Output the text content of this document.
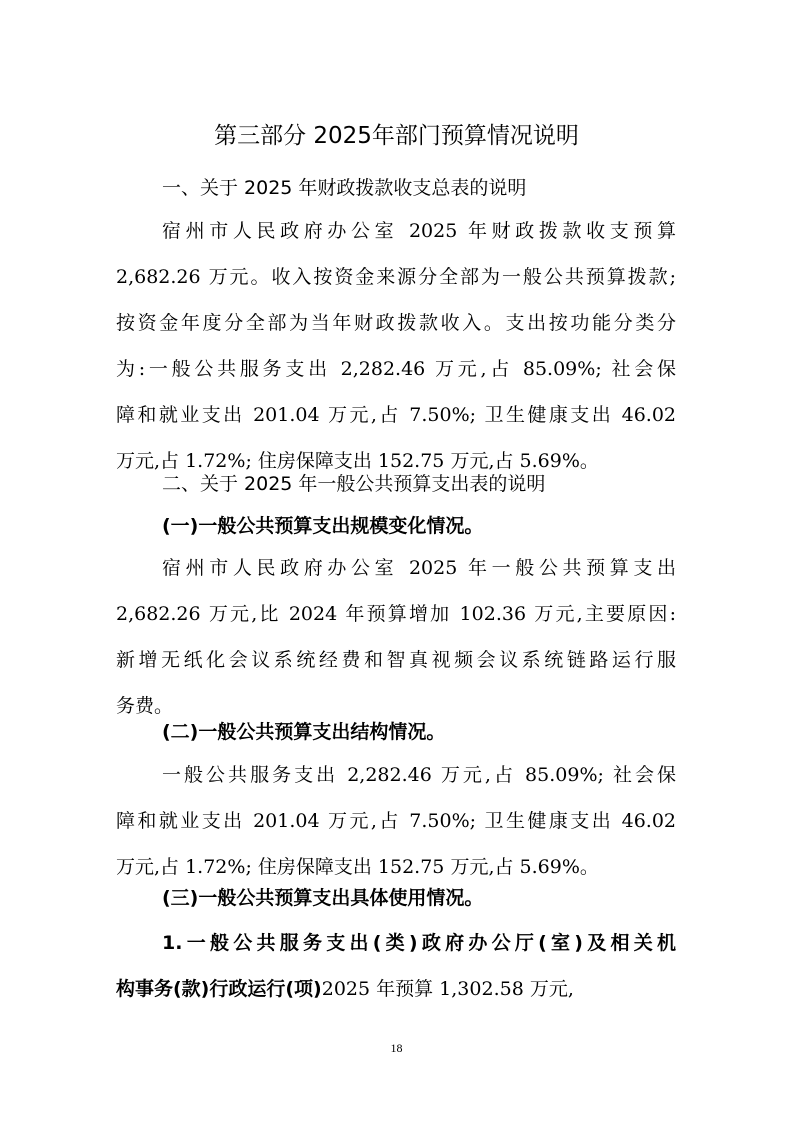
第三部分 2025年部门预算情况说明
一、关于 2025 年财政拨款收支总表的说明
宿州市人民政府办公室 2025 年财政拨款收支预算
2,682.26 万元。收入按资金来源分全部为一般公共预算拨款;
按资金年度分全部为当年财政拨款收入。支出按功能分类分
为:一般公共服务支出 2,282.46 万元,占 85.09%; 社会保
障和就业支出 201.04 万元,占 7.50%; 卫生健康支出 46.02
万元,占 1.72%; 住房保障支出 152.75 万元,占 5.69%。
二、关于 2025 年一般公共预算支出表的说明
(一)一般公共预算支出规模变化情况。
宿州市人民政府办公室 2025 年一般公共预算支出
2,682.26 万元,比 2024 年预算增加 102.36 万元,主要原因:
新增无纸化会议系统经费和智真视频会议系统链路运行服
务费。
(二)一般公共预算支出结构情况。
一般公共服务支出 2,282.46 万元,占 85.09%; 社会保
障和就业支出 201.04 万元,占 7.50%; 卫生健康支出 46.02
万元,占 1.72%; 住房保障支出 152.75 万元,占 5.69%。
(三)一般公共预算支出具体使用情况。
1.一般公共服务支出(类)政府办公厅(室)及相关机
构事务(款)行政运行(项)2025 年预算 1,302.58 万元,
18
